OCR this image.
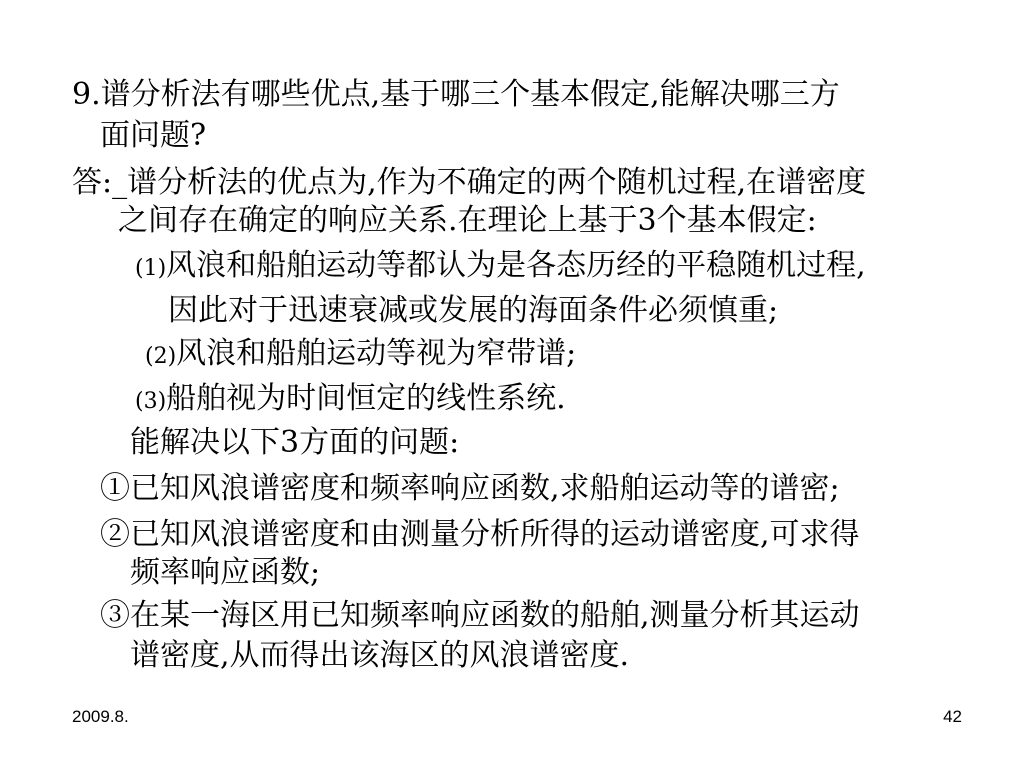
9.谱分析法有哪些优点,基于哪三个基本假定,能解决哪三方
面问题?
答:_谱分析法的优点为,作为不确定的两个随机过程,在谱密度
之间存在确定的响应关系.在理论上基于3个基本假定:
(1)风浪和船舶运动等都认为是各态历经的平稳随机过程,
因此对于迅速衰减或发展的海面条件必须慎重;
(2)风浪和船舶运动等视为窄带谱;
(3)船舶视为时间恒定的线性系统.
能解决以下3方面的问题:
①已知风浪谱密度和频率响应函数,求船舶运动等的谱密;
②已知风浪谱密度和由测量分析所得的运动谱密度,可求得
频率响应函数;
③在某一海区用已知频率响应函数的船舶,测量分析其运动
谱密度,从而得出该海区的风浪谱密度.
2009.8.	42
